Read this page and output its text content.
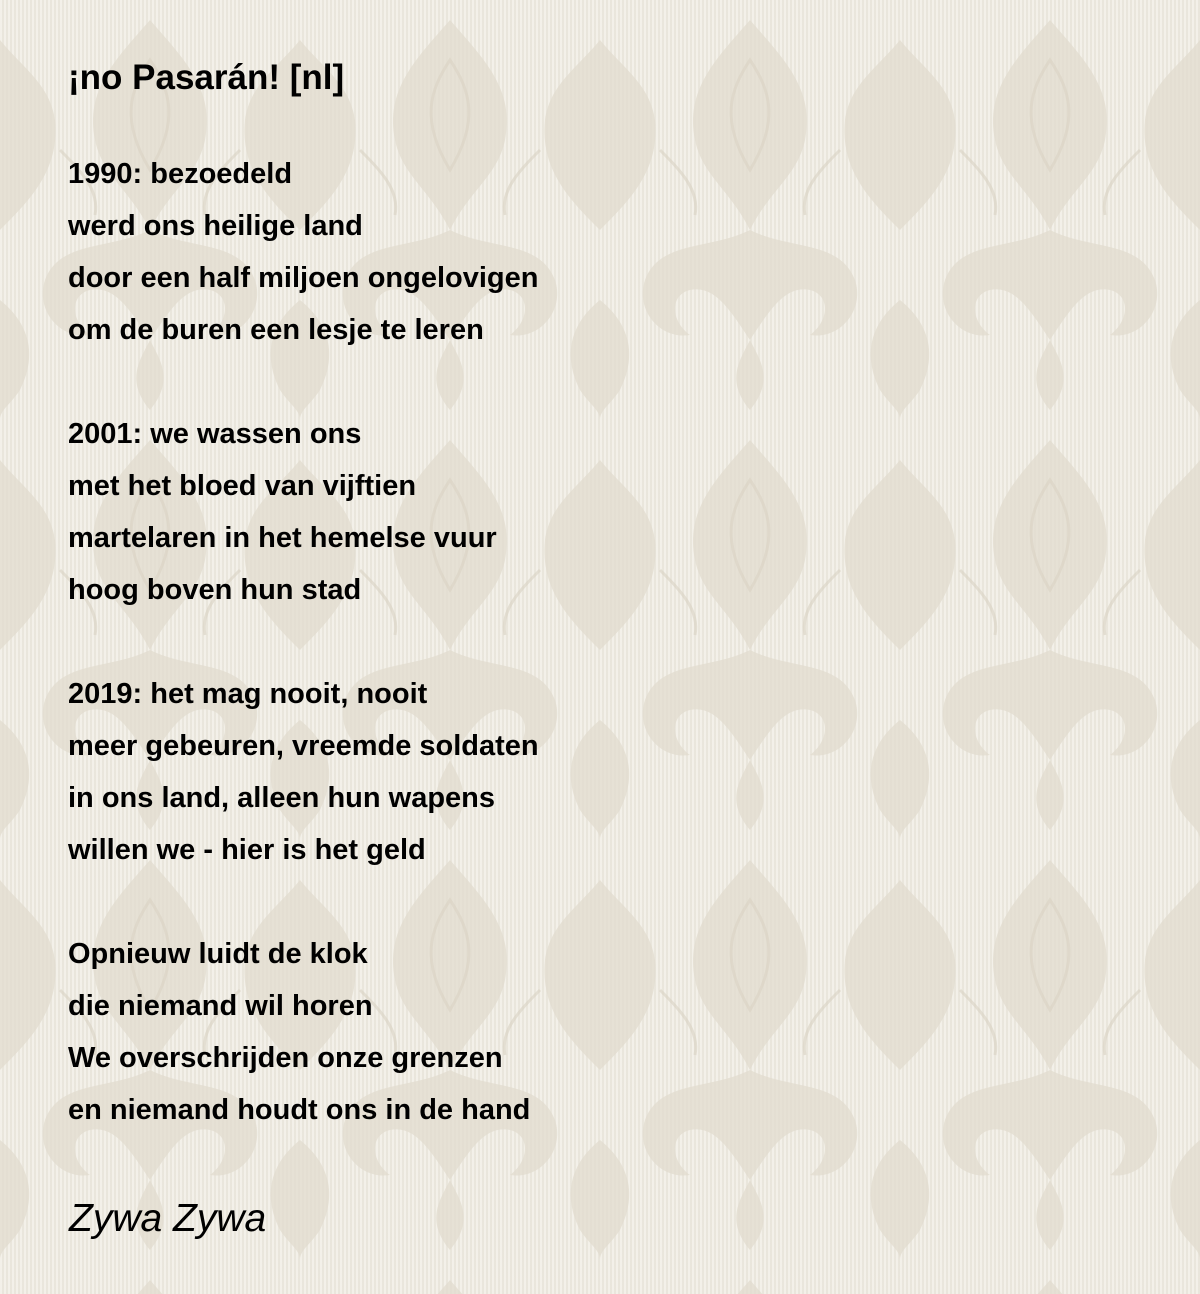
¡no Pasarán! [nl]

1990: bezoedeld
werd ons heilige land
door een half miljoen ongelovigen
om de buren een lesje te leren

2001: we wassen ons
met het bloed van vijftien
martelaren in het hemelse vuur
hoog boven hun stad

2019: het mag nooit, nooit
meer gebeuren, vreemde soldaten
in ons land, alleen hun wapens
willen we - hier is het geld

Opnieuw luidt de klok
die niemand wil horen
We overschrijden onze grenzen
en niemand houdt ons in de hand

Zywa Zywa
